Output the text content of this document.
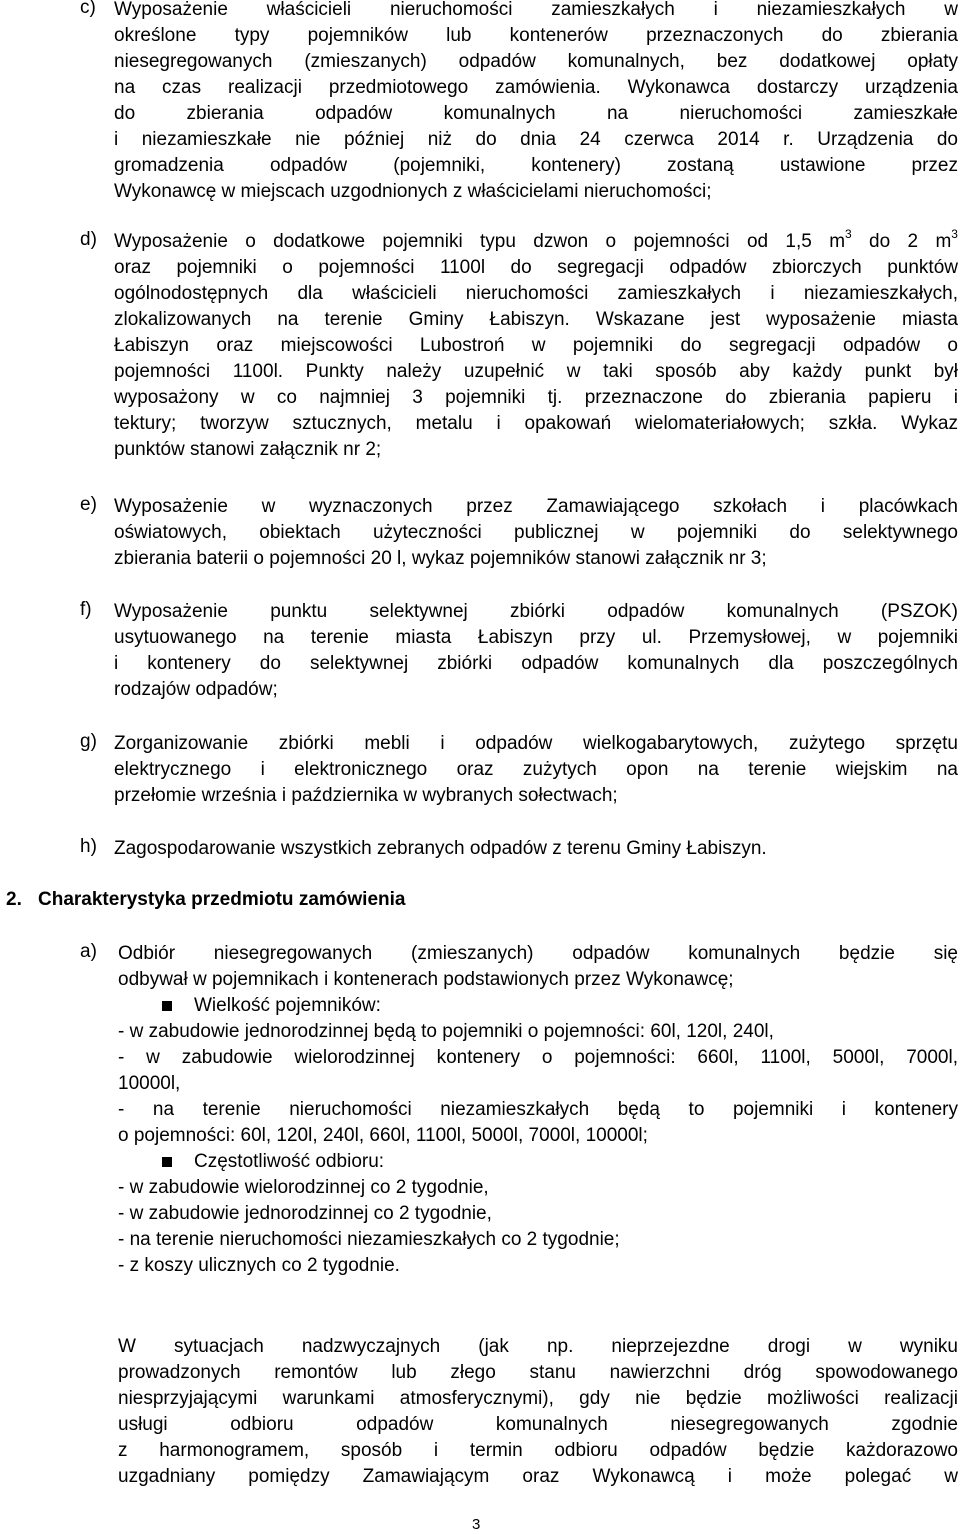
c) Wyposażenie właścicieli nieruchomości zamieszkałych i niezamieszkałych w
określone typy pojemników lub kontenerów przeznaczonych do zbierania
niesegregowanych (zmieszanych) odpadów komunalnych, bez dodatkowej opłaty
na czas realizacji przedmiotowego zamówienia. Wykonawca dostarczy urządzenia
do zbierania odpadów komunalnych na nieruchomości zamieszkałe
i niezamieszkałe nie później niż do dnia 24 czerwca 2014 r. Urządzenia do
gromadzenia odpadów (pojemniki, kontenery) zostaną ustawione przez
Wykonawcę w miejscach uzgodnionych z właścicielami nieruchomości;
d) Wyposażenie o dodatkowe pojemniki typu dzwon o pojemności od 1,5 $m^3$ do 2 $m^3$
oraz pojemniki o pojemności 1100l do segregacji odpadów zbiorczych punktów
ogólnodostępnych dla właścicieli nieruchomości zamieszkałych i niezamieszkałych,
zlokalizowanych na terenie Gminy Łabiszyn. Wskazane jest wyposażenie miasta
Łabiszyn oraz miejscowości Lubostroń w pojemniki do segregacji odpadów o
pojemności 1100l. Punkty należy uzupełnić w taki sposób aby każdy punkt był
wyposażony w co najmniej 3 pojemniki tj. przeznaczone do zbierania papieru i
tektury; tworzyw sztucznych, metalu i opakowań wielomateriałowych; szkła. Wykaz
punktów stanowi załącznik nr 2;
e) Wyposażenie w wyznaczonych przez Zamawiającego szkołach i placówkach
oświatowych, obiektach użyteczności publicznej w pojemniki do selektywnego
zbierania baterii o pojemności 20 l, wykaz pojemników stanowi załącznik nr 3;
f) Wyposażenie punktu selektywnej zbiórki odpadów komunalnych (PSZOK)
usytuowanego na terenie miasta Łabiszyn przy ul. Przemysłowej, w pojemniki
i kontenery do selektywnej zbiórki odpadów komunalnych dla poszczególnych
rodzajów odpadów;
g) Zorganizowanie zbiórki mebli i odpadów wielkogabarytowych, zużytego sprzętu
elektrycznego i elektronicznego oraz zużytych opon na terenie wiejskim na
przełomie września i października w wybranych sołectwach;
h) Zagospodarowanie wszystkich zebranych odpadów z terenu Gminy Łabiszyn.
2. Charakterystyka przedmiotu zamówienia
a) Odbiór niesegregowanych (zmieszanych) odpadów komunalnych będzie się
odbywał w pojemnikach i kontenerach podstawionych przez Wykonawcę;
Wielkość pojemników:
- w zabudowie jednorodzinnej będą to pojemniki o pojemności: 60l, 120l, 240l,
- w zabudowie wielorodzinnej kontenery o pojemności: 660l, 1100l, 5000l, 7000l,
10000l,
- na terenie nieruchomości niezamieszkałych będą to pojemniki i kontenery
o pojemności: 60l, 120l, 240l, 660l, 1100l, 5000l, 7000l, 10000l;
Częstotliwość odbioru:
- w zabudowie wielorodzinnej co 2 tygodnie,
- w zabudowie jednorodzinnej co 2 tygodnie,
- na terenie nieruchomości niezamieszkałych co 2 tygodnie;
- z koszy ulicznych co 2 tygodnie.
W sytuacjach nadzwyczajnych (jak np. nieprzejezdne drogi w wyniku
prowadzonych remontów lub złego stanu nawierzchni dróg spowodowanego
niesprzyjającymi warunkami atmosferycznymi), gdy nie będzie możliwości realizacji
usługi odbioru odpadów komunalnych niesegregowanych zgodnie
z harmonogramem, sposób i termin odbioru odpadów będzie każdorazowo
uzgadniany pomiędzy Zamawiającym oraz Wykonawcą i może polegać w
3
